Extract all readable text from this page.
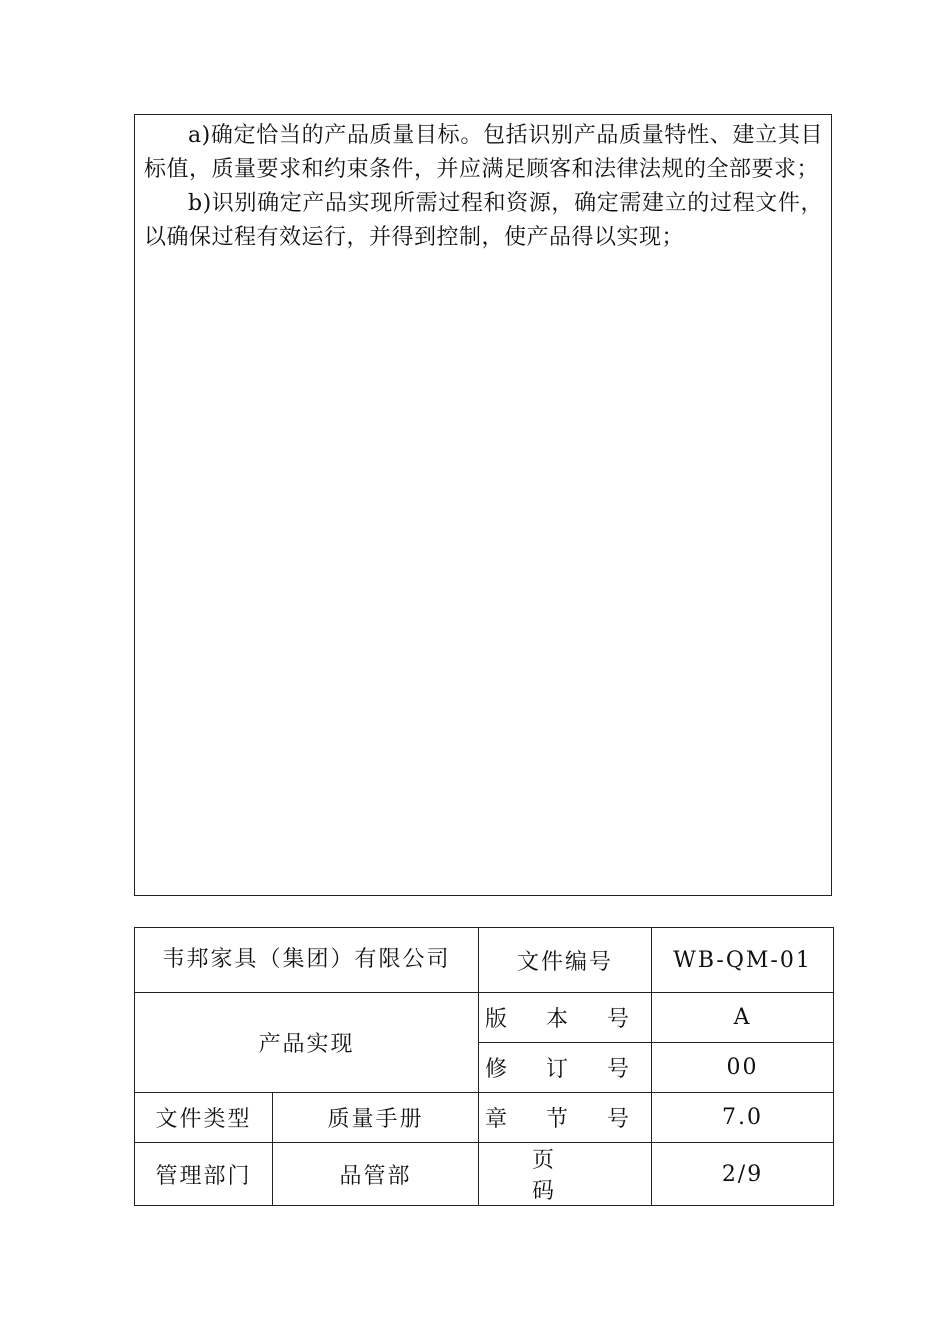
a)确定恰当的产品质量目标。包括识别产品质量特性、建立其目标值，质量要求和约束条件，并应满足顾客和法律法规的全部要求；

b)识别确定产品实现所需过程和资源，确定需建立的过程文件，以确保过程有效运行，并得到控制，使产品得以实现；

韦邦家具（集团）有限公司		文件编号	WB-QM-01
产品实现		版 本 号	A
		修 订 号	00
文件类型	质量手册	章 节 号	7.0
管理部门	品管部	页 码	2/9
